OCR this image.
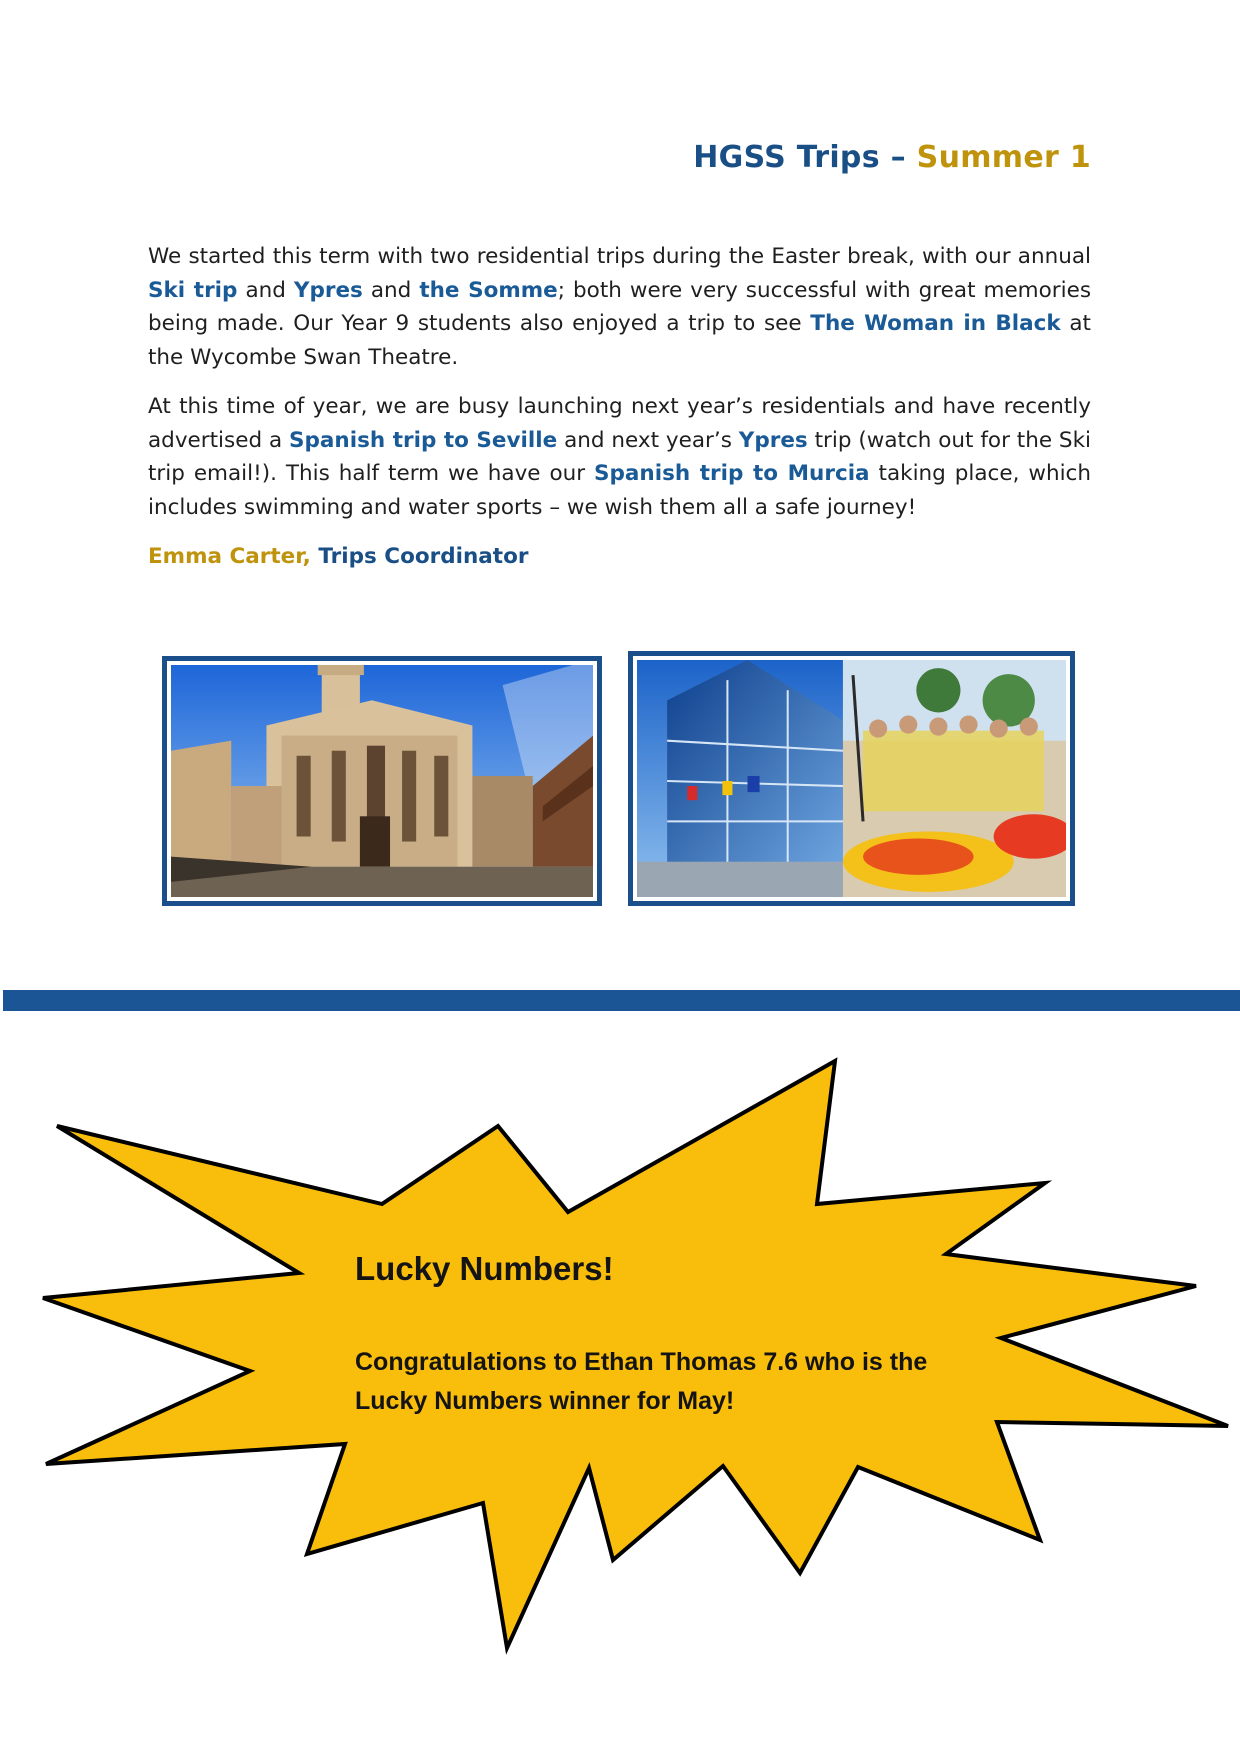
HGSS Trips – Summer 1

We started this term with two residential trips during the Easter break, with our annual Ski trip and Ypres and the Somme; both were very successful with great memories being made. Our Year 9 students also enjoyed a trip to see The Woman in Black at the Wycombe Swan Theatre.

At this time of year, we are busy launching next year’s residentials and have recently advertised a Spanish trip to Seville and next year’s Ypres trip (watch out for the Ski trip email!). This half term we have our Spanish trip to Murcia taking place, which includes swimming and water sports – we wish them all a safe journey!

Emma Carter, Trips Coordinator

Lucky Numbers!

Congratulations to Ethan Thomas 7.6 who is the
Lucky Numbers winner for May!
